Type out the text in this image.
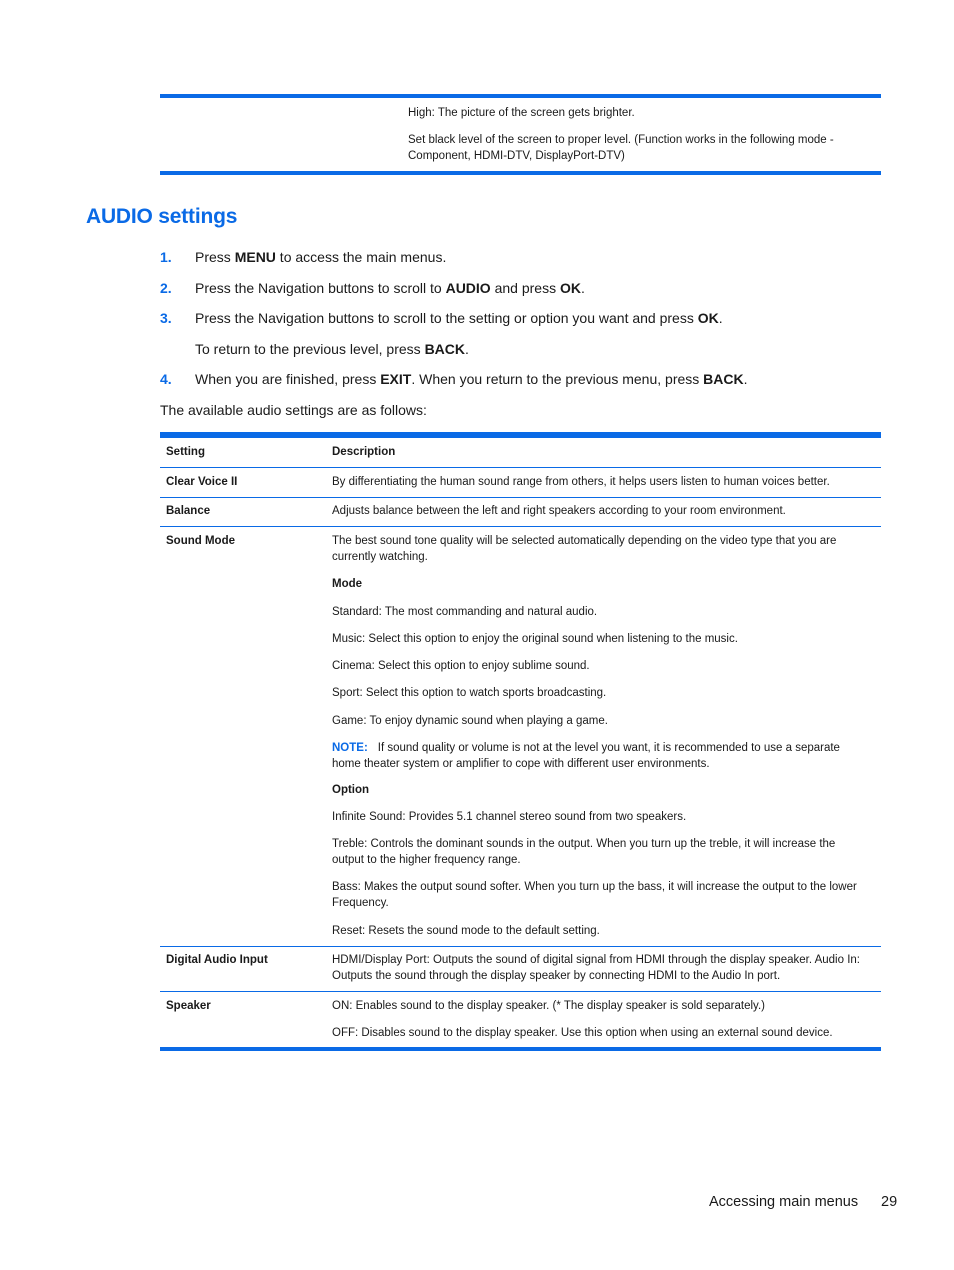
High: The picture of the screen gets brighter.
Set black level of the screen to proper level. (Function works in the following mode - Component, HDMI-DTV, DisplayPort-DTV)
AUDIO settings
1. Press MENU to access the main menus.
2. Press the Navigation buttons to scroll to AUDIO and press OK.
3. Press the Navigation buttons to scroll to the setting or option you want and press OK.
To return to the previous level, press BACK.
4. When you are finished, press EXIT. When you return to the previous menu, press BACK.
The available audio settings are as follows:
Setting	Description
Clear Voice II	By differentiating the human sound range from others, it helps users listen to human voices better.
Balance	Adjusts balance between the left and right speakers according to your room environment.
Sound Mode	The best sound tone quality will be selected automatically depending on the video type that you are currently watching.
Mode
Standard: The most commanding and natural audio.
Music: Select this option to enjoy the original sound when listening to the music.
Cinema: Select this option to enjoy sublime sound.
Sport: Select this option to watch sports broadcasting.
Game: To enjoy dynamic sound when playing a game.
NOTE: If sound quality or volume is not at the level you want, it is recommended to use a separate home theater system or amplifier to cope with different user environments.
Option
Infinite Sound: Provides 5.1 channel stereo sound from two speakers.
Treble: Controls the dominant sounds in the output. When you turn up the treble, it will increase the output to the higher frequency range.
Bass: Makes the output sound softer. When you turn up the bass, it will increase the output to the lower Frequency.
Reset: Resets the sound mode to the default setting.
Digital Audio Input	HDMI/Display Port: Outputs the sound of digital signal from HDMI through the display speaker. Audio In: Outputs the sound through the display speaker by connecting HDMI to the Audio In port.
Speaker	ON: Enables sound to the display speaker. (* The display speaker is sold separately.)
OFF: Disables sound to the display speaker. Use this option when using an external sound device.
Accessing main menus 29
